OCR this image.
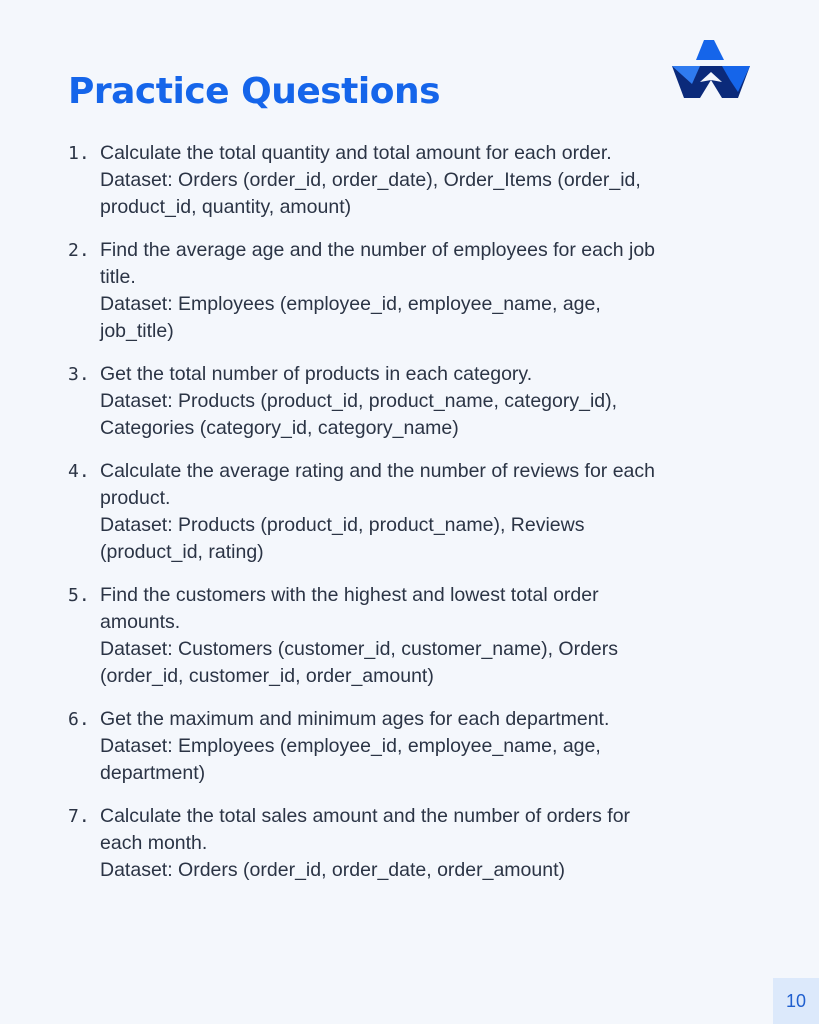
Practice Questions
1. Calculate the total quantity and total amount for each order.
Dataset: Orders (order_id, order_date), Order_Items (order_id,
product_id, quantity, amount)
2. Find the average age and the number of employees for each job
title.
Dataset: Employees (employee_id, employee_name, age,
job_title)
3. Get the total number of products in each category.
Dataset: Products (product_id, product_name, category_id),
Categories (category_id, category_name)
4. Calculate the average rating and the number of reviews for each
product.
Dataset: Products (product_id, product_name), Reviews
(product_id, rating)
5. Find the customers with the highest and lowest total order
amounts.
Dataset: Customers (customer_id, customer_name), Orders
(order_id, customer_id, order_amount)
6. Get the maximum and minimum ages for each department.
Dataset: Employees (employee_id, employee_name, age,
department)
7. Calculate the total sales amount and the number of orders for
each month.
Dataset: Orders (order_id, order_date, order_amount)
10
